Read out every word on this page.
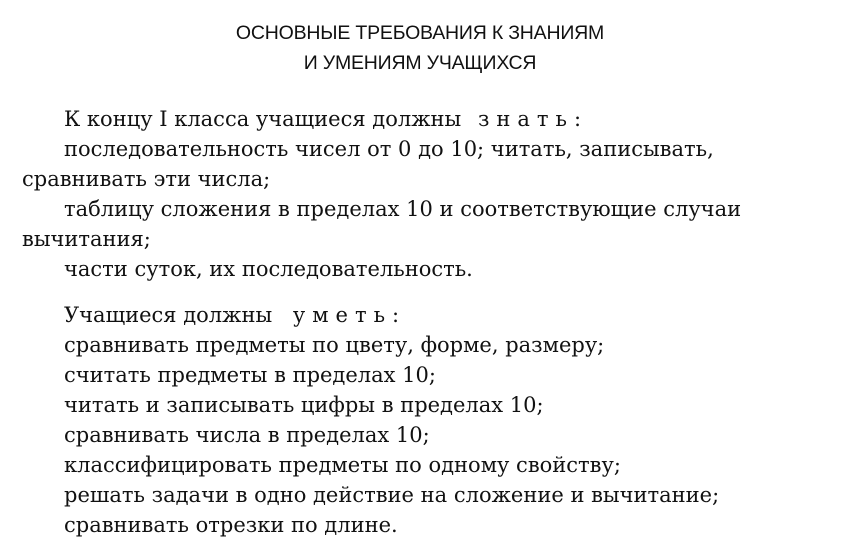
ОСНОВНЫЕ ТРЕБОВАНИЯ К ЗНАНИЯМ
И УМЕНИЯМ УЧАЩИХСЯ
К концу I класса учащиеся должны знать:
последовательность чисел от 0 до 10; читать, записывать,
сравнивать эти числа;
таблицу сложения в пределах 10 и соответствующие случаи
вычитания;
части суток, их последовательность.
Учащиеся должны уметь:
сравнивать предметы по цвету, форме, размеру;
считать предметы в пределах 10;
читать и записывать цифры в пределах 10;
сравнивать числа в пределах 10;
классифицировать предметы по одному свойству;
решать задачи в одно действие на сложение и вычитание;
сравнивать отрезки по длине.
